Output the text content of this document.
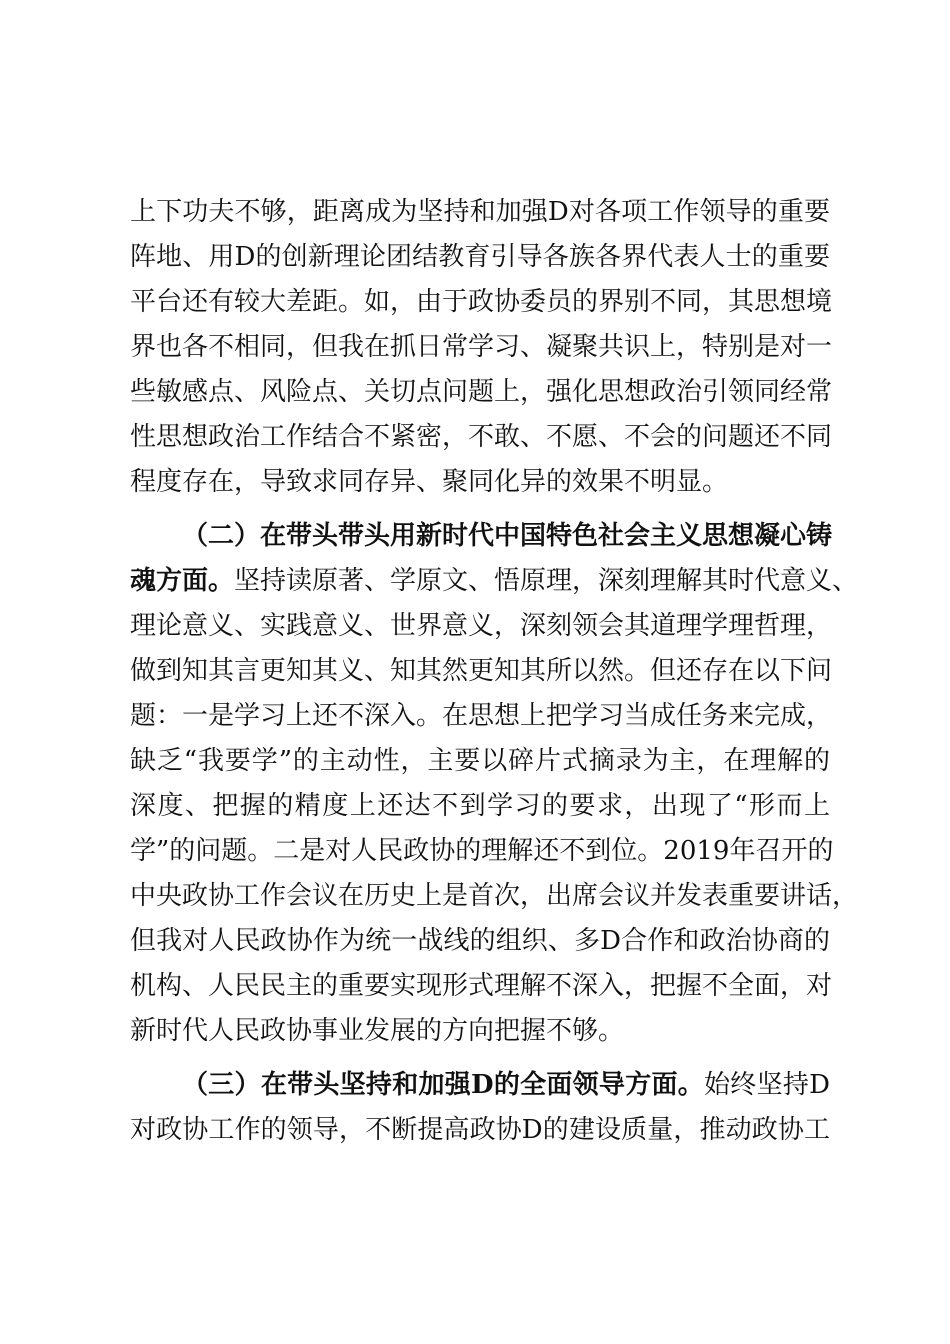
上下功夫不够，距离成为坚持和加强D对各项工作领导的重要
阵地、用D的创新理论团结教育引导各族各界代表人士的重要
平台还有较大差距。如，由于政协委员的界别不同，其思想境
界也各不相同，但我在抓日常学习、凝聚共识上，特别是对一
些敏感点、风险点、关切点问题上，强化思想政治引领同经常
性思想政治工作结合不紧密，不敢、不愿、不会的问题还不同
程度存在，导致求同存异、聚同化异的效果不明显。
（二）在带头带头用新时代中国特色社会主义思想凝心铸
魂方面。坚持读原著、学原文、悟原理，深刻理解其时代意义、
理论意义、实践意义、世界意义，深刻领会其道理学理哲理，
做到知其言更知其义、知其然更知其所以然。但还存在以下问
题：一是学习上还不深入。在思想上把学习当成任务来完成，
缺乏“我要学”的主动性，主要以碎片式摘录为主，在理解的
深度、把握的精度上还达不到学习的要求，出现了“形而上
学”的问题。二是对人民政协的理解还不到位。2019年召开的
中央政协工作会议在历史上是首次，出席会议并发表重要讲话，
但我对人民政协作为统一战线的组织、多D合作和政治协商的
机构、人民民主的重要实现形式理解不深入，把握不全面，对
新时代人民政协事业发展的方向把握不够。
（三）在带头坚持和加强D的全面领导方面。始终坚持D
对政协工作的领导，不断提高政协D的建设质量，推动政协工
